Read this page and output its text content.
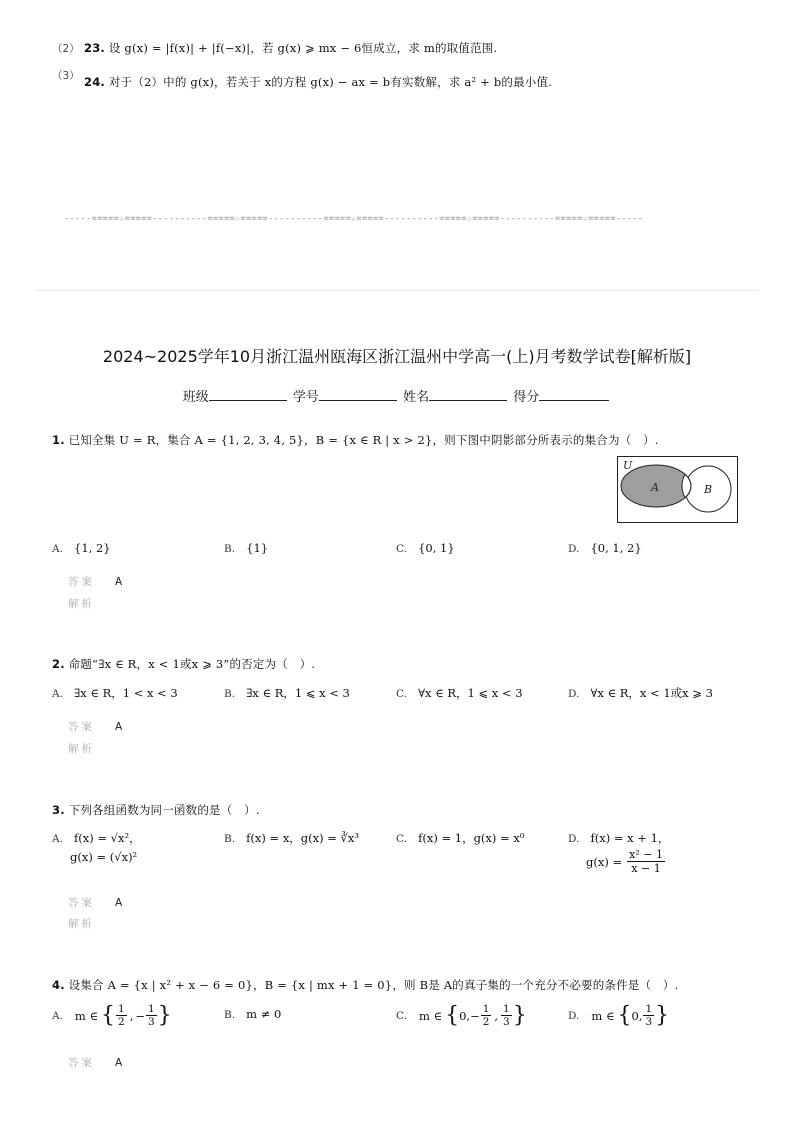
（2） 23. 设 g(x) = |f(x)| + |f(−x)|，若 g(x) ⩾ mx − 6恒成立，求 m的取值范围.
（3） 24. 对于（2）中的 g(x)，若关于 x的方程 g(x) − ax = b有实数解，求 a² + b的最小值.
-----=====☆=====----------=====☆=====----------=====☆=====----------=====☆=====----------=====☆=====-----
2024~2025学年10月浙江温州瓯海区浙江温州中学高一(上)月考数学试卷[解析版]
班级	学号	姓名	得分
1. 已知全集 U = R，集合 A = {1, 2, 3, 4, 5}，B = {x ∈ R | x > 2}，则下图中阴影部分所表示的集合为（　）.
U
A	B
A. {1, 2}	B. {1}	C. {0, 1}	D. {0, 1, 2}
答案 A
解析
2. 命题“∃x ∈ R，x < 1或x ⩾ 3”的否定为（　）.
A. ∃x ∈ R，1 < x < 3	B. ∃x ∈ R，1 ⩽ x < 3	C. ∀x ∈ R，1 ⩽ x < 3	D. ∀x ∈ R，x < 1或x ⩾ 3
答案 A
解析
3. 下列各组函数为同一函数的是（　）.
A. f(x) = √x²，
g(x) = (√x)²
B. f(x) = x，g(x) = ∛x³	C. f(x) = 1，g(x) = x⁰	D. f(x) = x + 1，
$g(x) = \frac{\text{x² − 1}}{x - 1}$
答案 A
解析
4. 设集合 A = {x | x² + x − 6 = 0}，B = {x | mx + 1 = 0}，则 B是 A的真子集的一个充分不必要的条件是（　）.
A. m ∈ { $\frac{1}{2}$ , − $\frac{1}{3}$ }	B. m ≠ 0	C. m ∈ { 0, − $\frac{1}{2}$ , $\frac{1}{3}$ }	D. m ∈ { 0, $\frac{1}{3}$ }
答案 A
